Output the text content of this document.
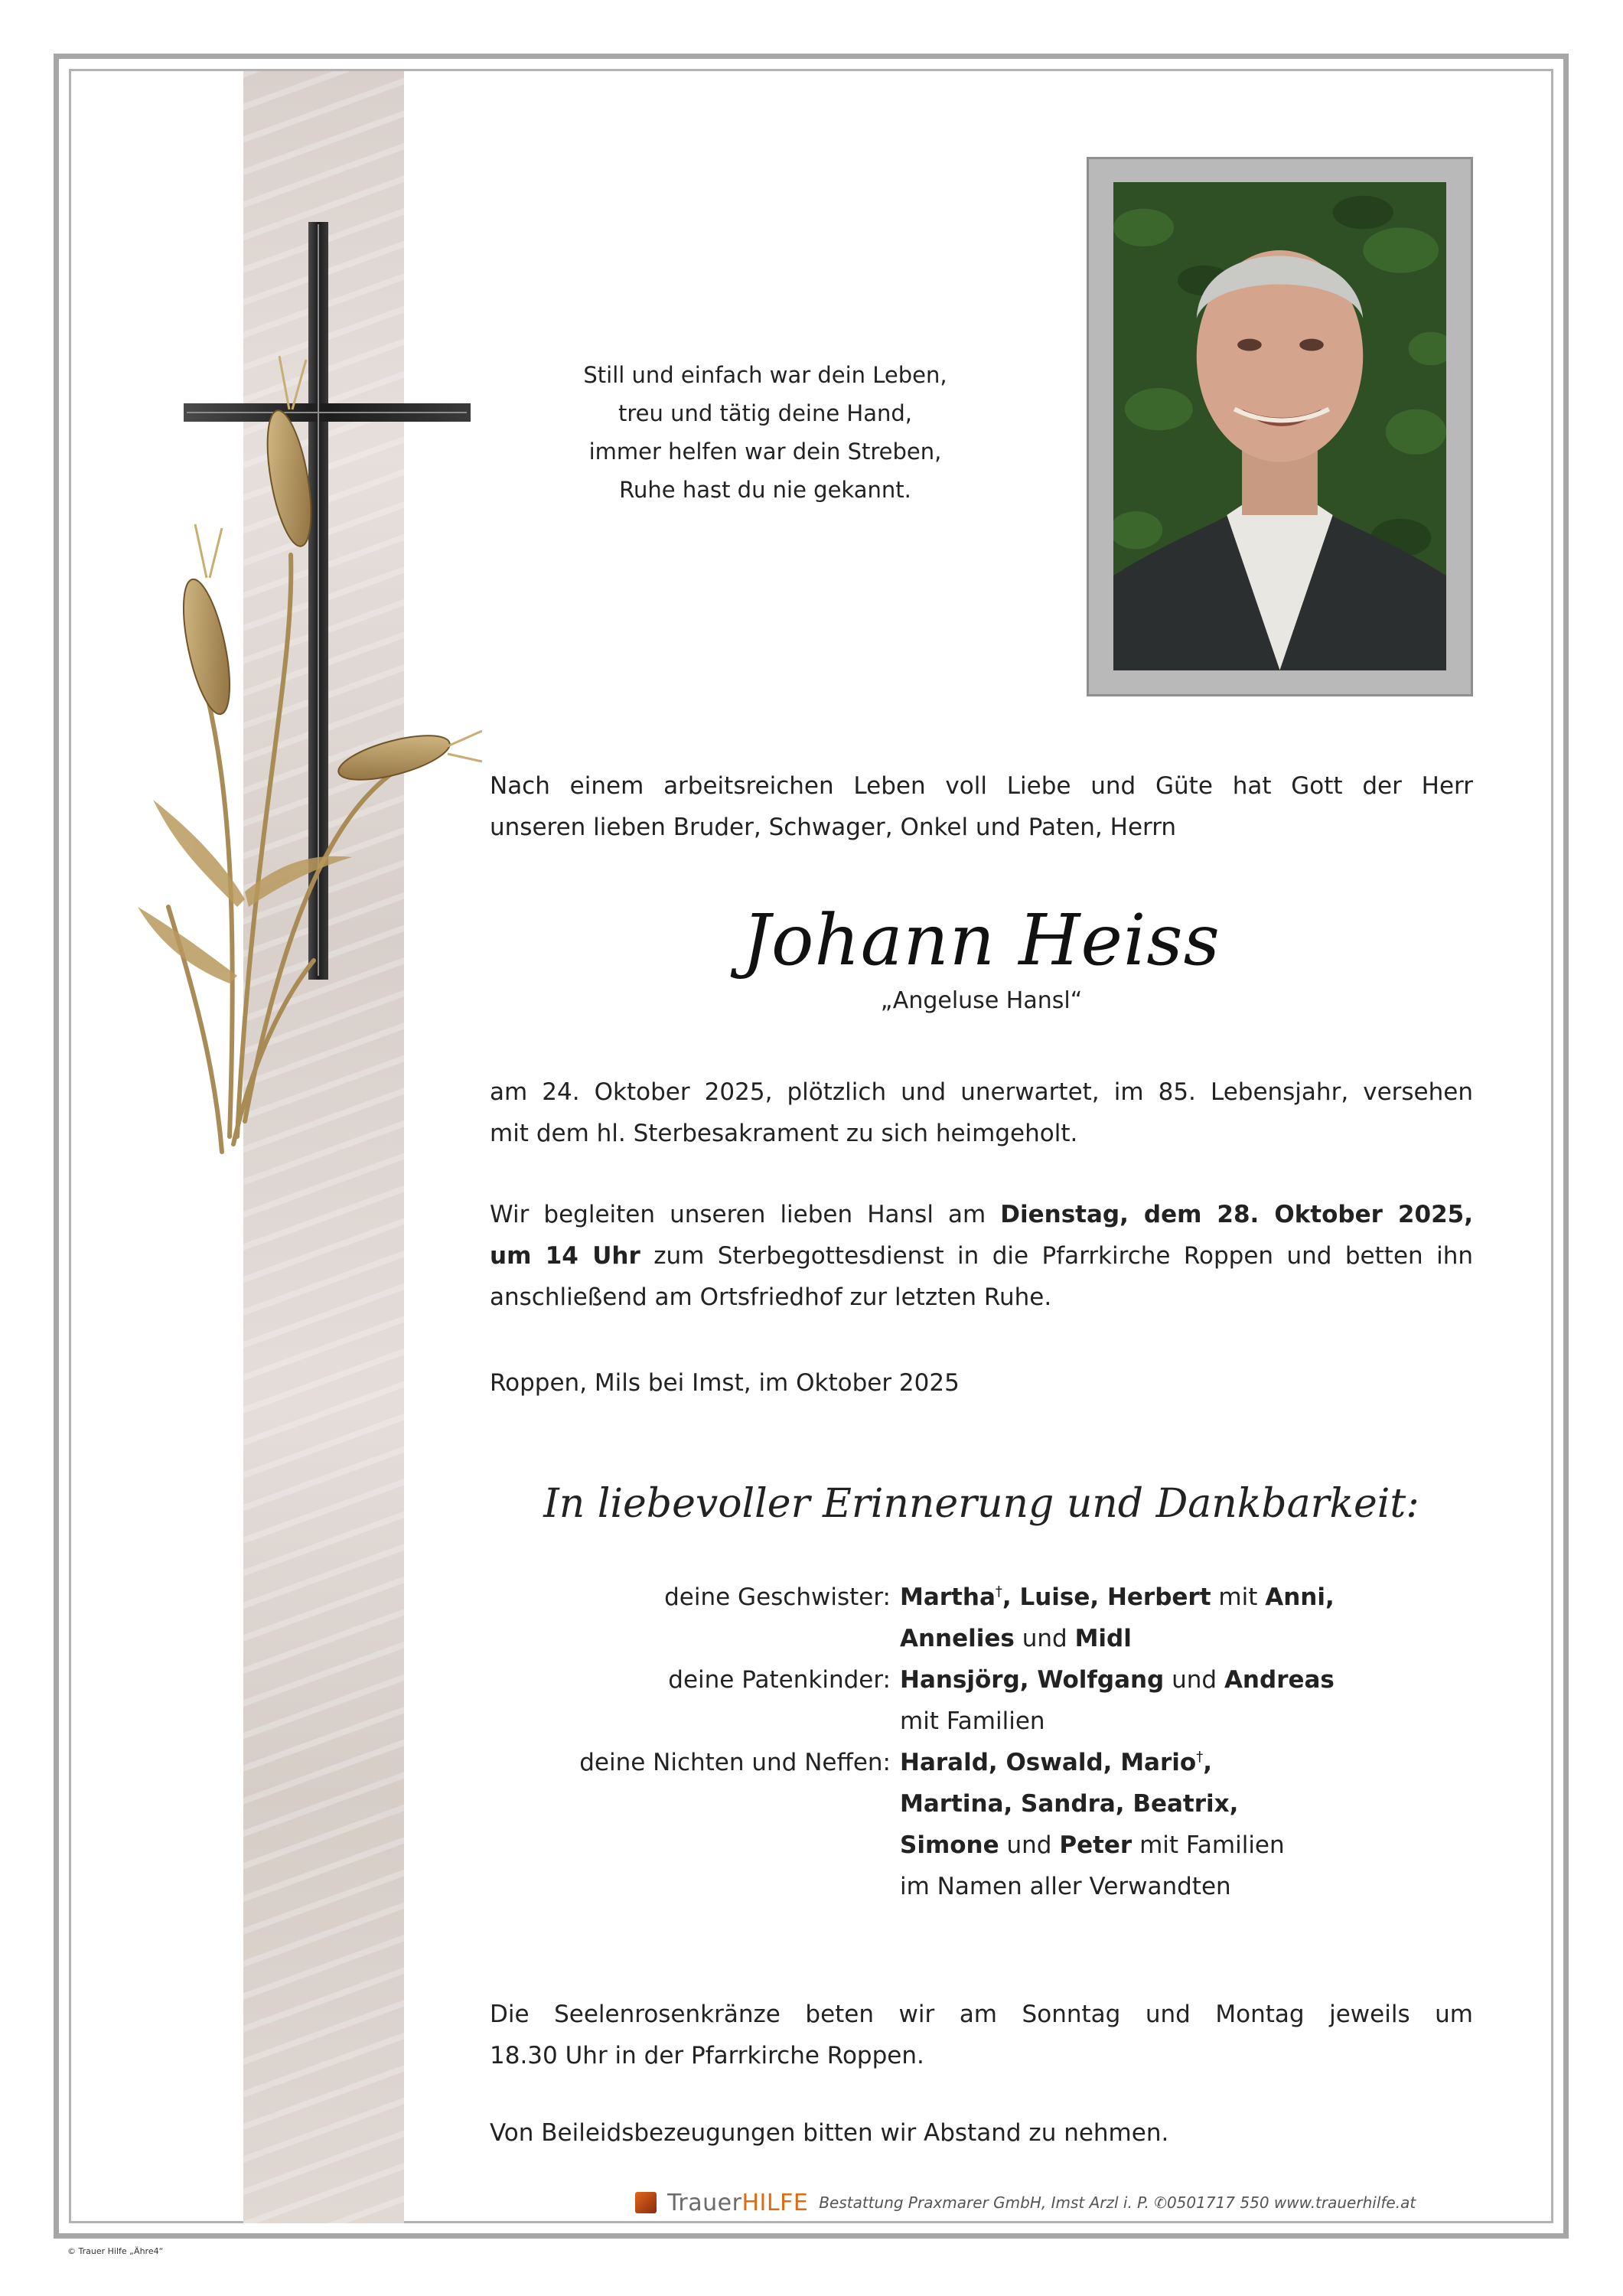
Still und einfach war dein Leben,
treu und tätig deine Hand,
immer helfen war dein Streben,
Ruhe hast du nie gekannt.
Nach einem arbeitsreichen Leben voll Liebe und Güte hat Gott der Herr
unseren lieben Bruder, Schwager, Onkel und Paten, Herrn
Johann Heiss
„Angeluse Hansl“
am 24. Oktober 2025, plötzlich und unerwartet, im 85. Lebensjahr, versehen
mit dem hl. Sterbesakrament zu sich heimgeholt.
Wir begleiten unseren lieben Hansl am Dienstag, dem 28. Oktober 2025,
um 14 Uhr zum Sterbegottesdienst in die Pfarrkirche Roppen und betten ihn
anschließend am Ortsfriedhof zur letzten Ruhe.
Roppen, Mils bei Imst, im Oktober 2025
In liebevoller Erinnerung und Dankbarkeit:
deine Geschwister: Martha†, Luise, Herbert mit Anni,
Annelies und Midl
deine Patenkinder: Hansjörg, Wolfgang und Andreas
mit Familien
deine Nichten und Neffen: Harald, Oswald, Mario†,
Martina, Sandra, Beatrix,
Simone und Peter mit Familien
im Namen aller Verwandten
Die Seelenrosenkränze beten wir am Sonntag und Montag jeweils um
18.30 Uhr in der Pfarrkirche Roppen.
Von Beileidsbezeugungen bitten wir Abstand zu nehmen.
TrauerHILFE Bestattung Praxmarer GmbH, Imst Arzl i. P. ✆0501717 550 www.trauerhilfe.at
© Trauer Hilfe „Ähre4“
